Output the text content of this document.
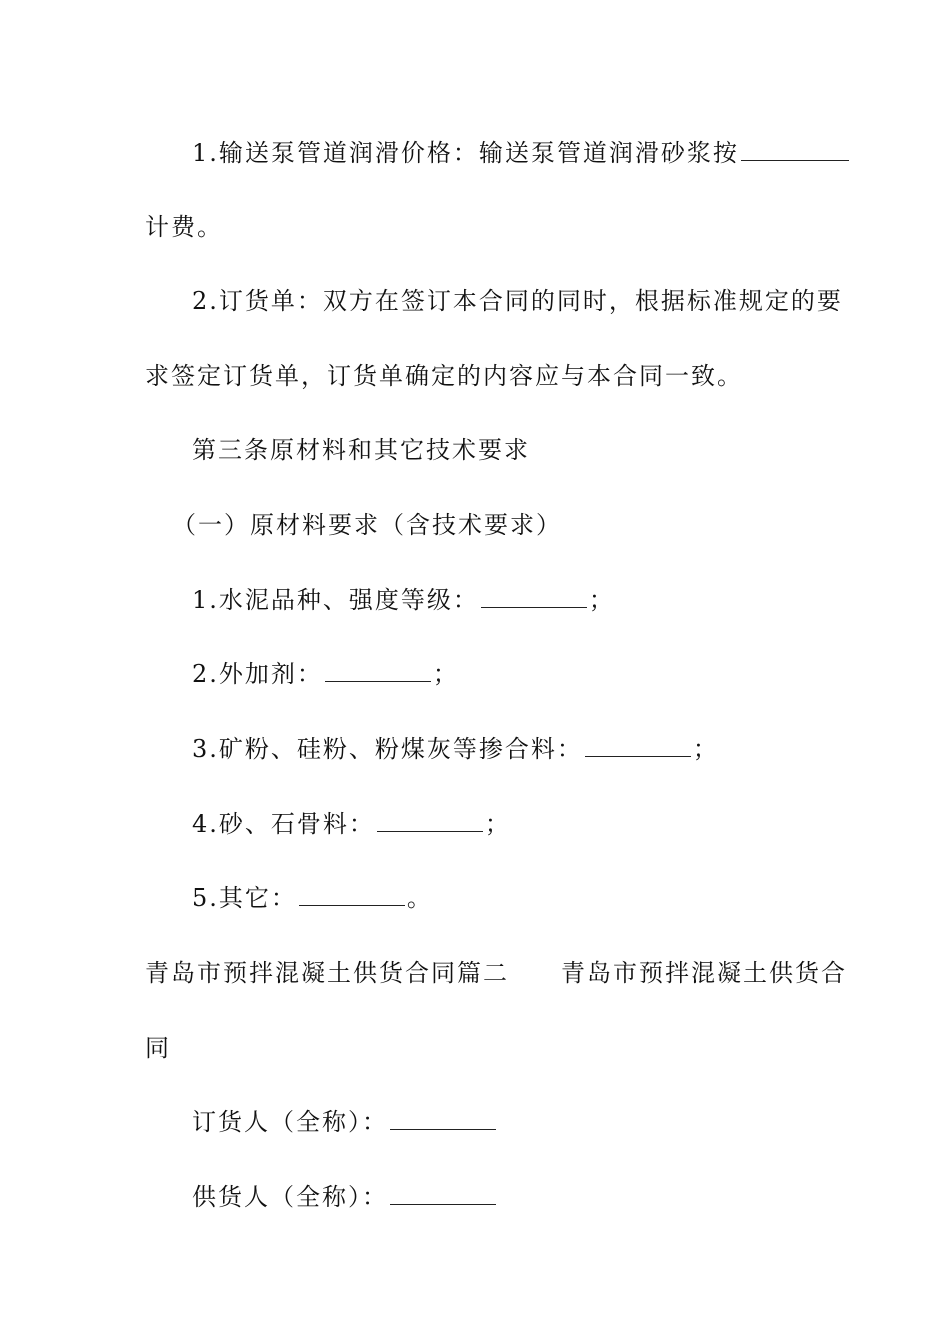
1.输送泵管道润滑价格：输送泵管道润滑砂浆按
计费。
2.订货单：双方在签订本合同的同时，根据标准规定的要
求签定订货单，订货单确定的内容应与本合同一致。
第三条原材料和其它技术要求
（一）原材料要求（含技术要求）
1.水泥品种、强度等级：	；
2.外加剂：	；
3.矿粉、硅粉、粉煤灰等掺合料：	；
4.砂、石骨料：	；
5.其它：	。
青岛市预拌混凝土供货合同篇二　　青岛市预拌混凝土供货合
同
订货人（全称）：
供货人（全称）：
